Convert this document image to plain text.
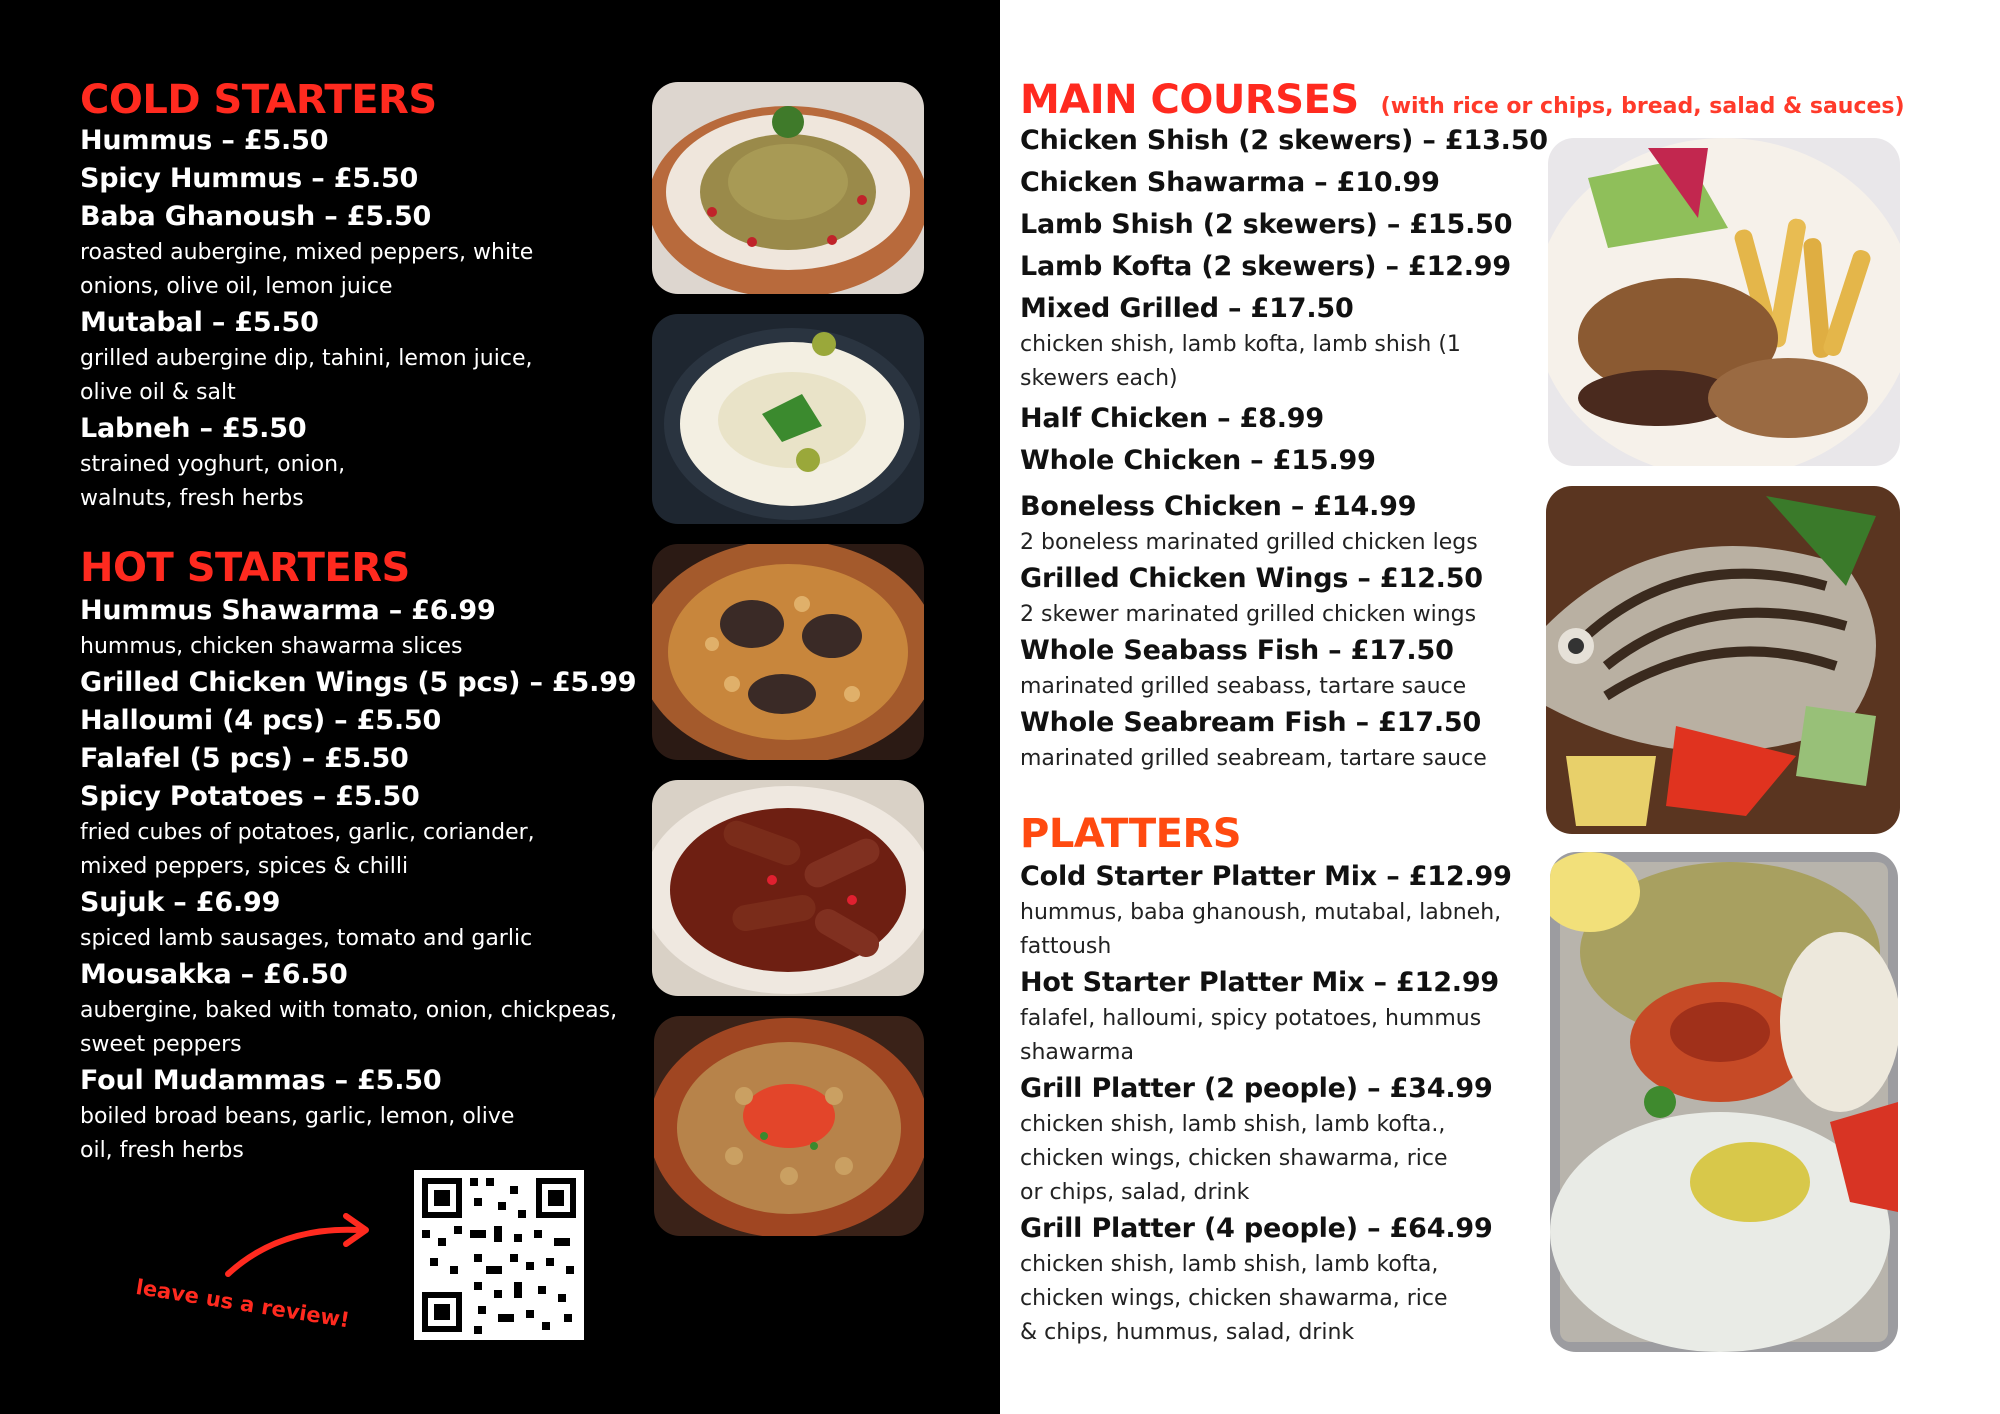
COLD STARTERS
Hummus – £5.50
Spicy Hummus – £5.50
Baba Ghanoush – £5.50
roasted aubergine, mixed peppers, white onions, olive oil, lemon juice
Mutabal – £5.50
grilled aubergine dip, tahini, lemon juice, olive oil & salt
Labneh – £5.50
strained yoghurt, onion, walnuts, fresh herbs
HOT STARTERS
Hummus Shawarma – £6.99
hummus, chicken shawarma slices
Grilled Chicken Wings (5 pcs) – £5.99
Halloumi (4 pcs) – £5.50
Falafel (5 pcs) – £5.50
Spicy Potatoes – £5.50
fried cubes of potatoes, garlic, coriander, mixed peppers, spices & chilli
Sujuk – £6.99
spiced lamb sausages, tomato and garlic
Mousakka – £6.50
aubergine, baked with tomato, onion, chickpeas, sweet peppers
Foul Mudammas – £5.50
boiled broad beans, garlic, lemon, olive oil, fresh herbs
leave us a review!
MAIN COURSES (with rice or chips, bread, salad & sauces)
Chicken Shish (2 skewers) – £13.50
Chicken Shawarma – £10.99
Lamb Shish (2 skewers) – £15.50
Lamb Kofta (2 skewers) – £12.99
Mixed Grilled – £17.50
chicken shish, lamb kofta, lamb shish (1 skewers each)
Half Chicken – £8.99
Whole Chicken – £15.99
Boneless Chicken – £14.99
2 boneless marinated grilled chicken legs
Grilled Chicken Wings – £12.50
2 skewer marinated grilled chicken wings
Whole Seabass Fish – £17.50
marinated grilled seabass, tartare sauce
Whole Seabream Fish – £17.50
marinated grilled seabream, tartare sauce
PLATTERS
Cold Starter Platter Mix – £12.99
hummus, baba ghanoush, mutabal, labneh, fattoush
Hot Starter Platter Mix – £12.99
falafel, halloumi, spicy potatoes, hummus shawarma
Grill Platter (2 people) – £34.99
chicken shish, lamb shish, lamb kofta., chicken wings, chicken shawarma, rice or chips, salad, drink
Grill Platter (4 people) – £64.99
chicken shish, lamb shish, lamb kofta, chicken wings, chicken shawarma, rice & chips, hummus, salad, drink
